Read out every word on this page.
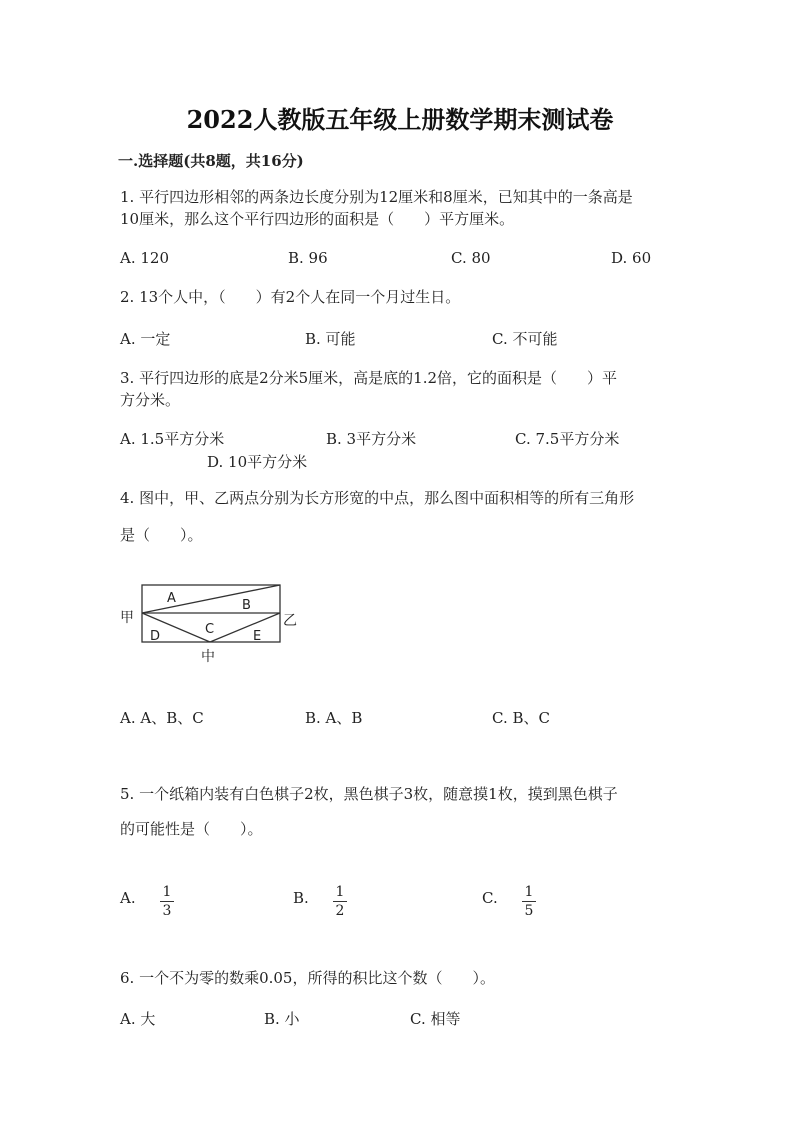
2022人教版五年级上册数学期末测试卷
一.选择题(共8题，共16分)
1. 平行四边形相邻的两条边长度分别为12厘米和8厘米，已知其中的一条高是
10厘米，那么这个平行四边形的面积是（　　）平方厘米。
A. 120	B. 96	C. 80	D. 60
2. 13个人中，（　　）有2个人在同一个月过生日。
A. 一定	B. 可能	C. 不可能
3. 平行四边形的底是2分米5厘米，高是底的1.2倍，它的面积是（　　）平
方分米。
A. 1.5平方分米	B. 3平方分米	C. 7.5平方分米
D. 10平方分米
4. 图中，甲、乙两点分别为长方形宽的中点，那么图中面积相等的所有三角形
是（　　）。
甲	乙
中
A	B
C
D	E
A. A、B、C	B. A、B	C. B、C
5. 一个纸箱内装有白色棋子2枚，黑色棋子3枚，随意摸1枚，摸到黑色棋子
的可能性是（　　）。
A. 1
3
B. 1
2
C. 1
5
6. 一个不为零的数乘0.05，所得的积比这个数（　　）。
A. 大	B. 小	C. 相等
